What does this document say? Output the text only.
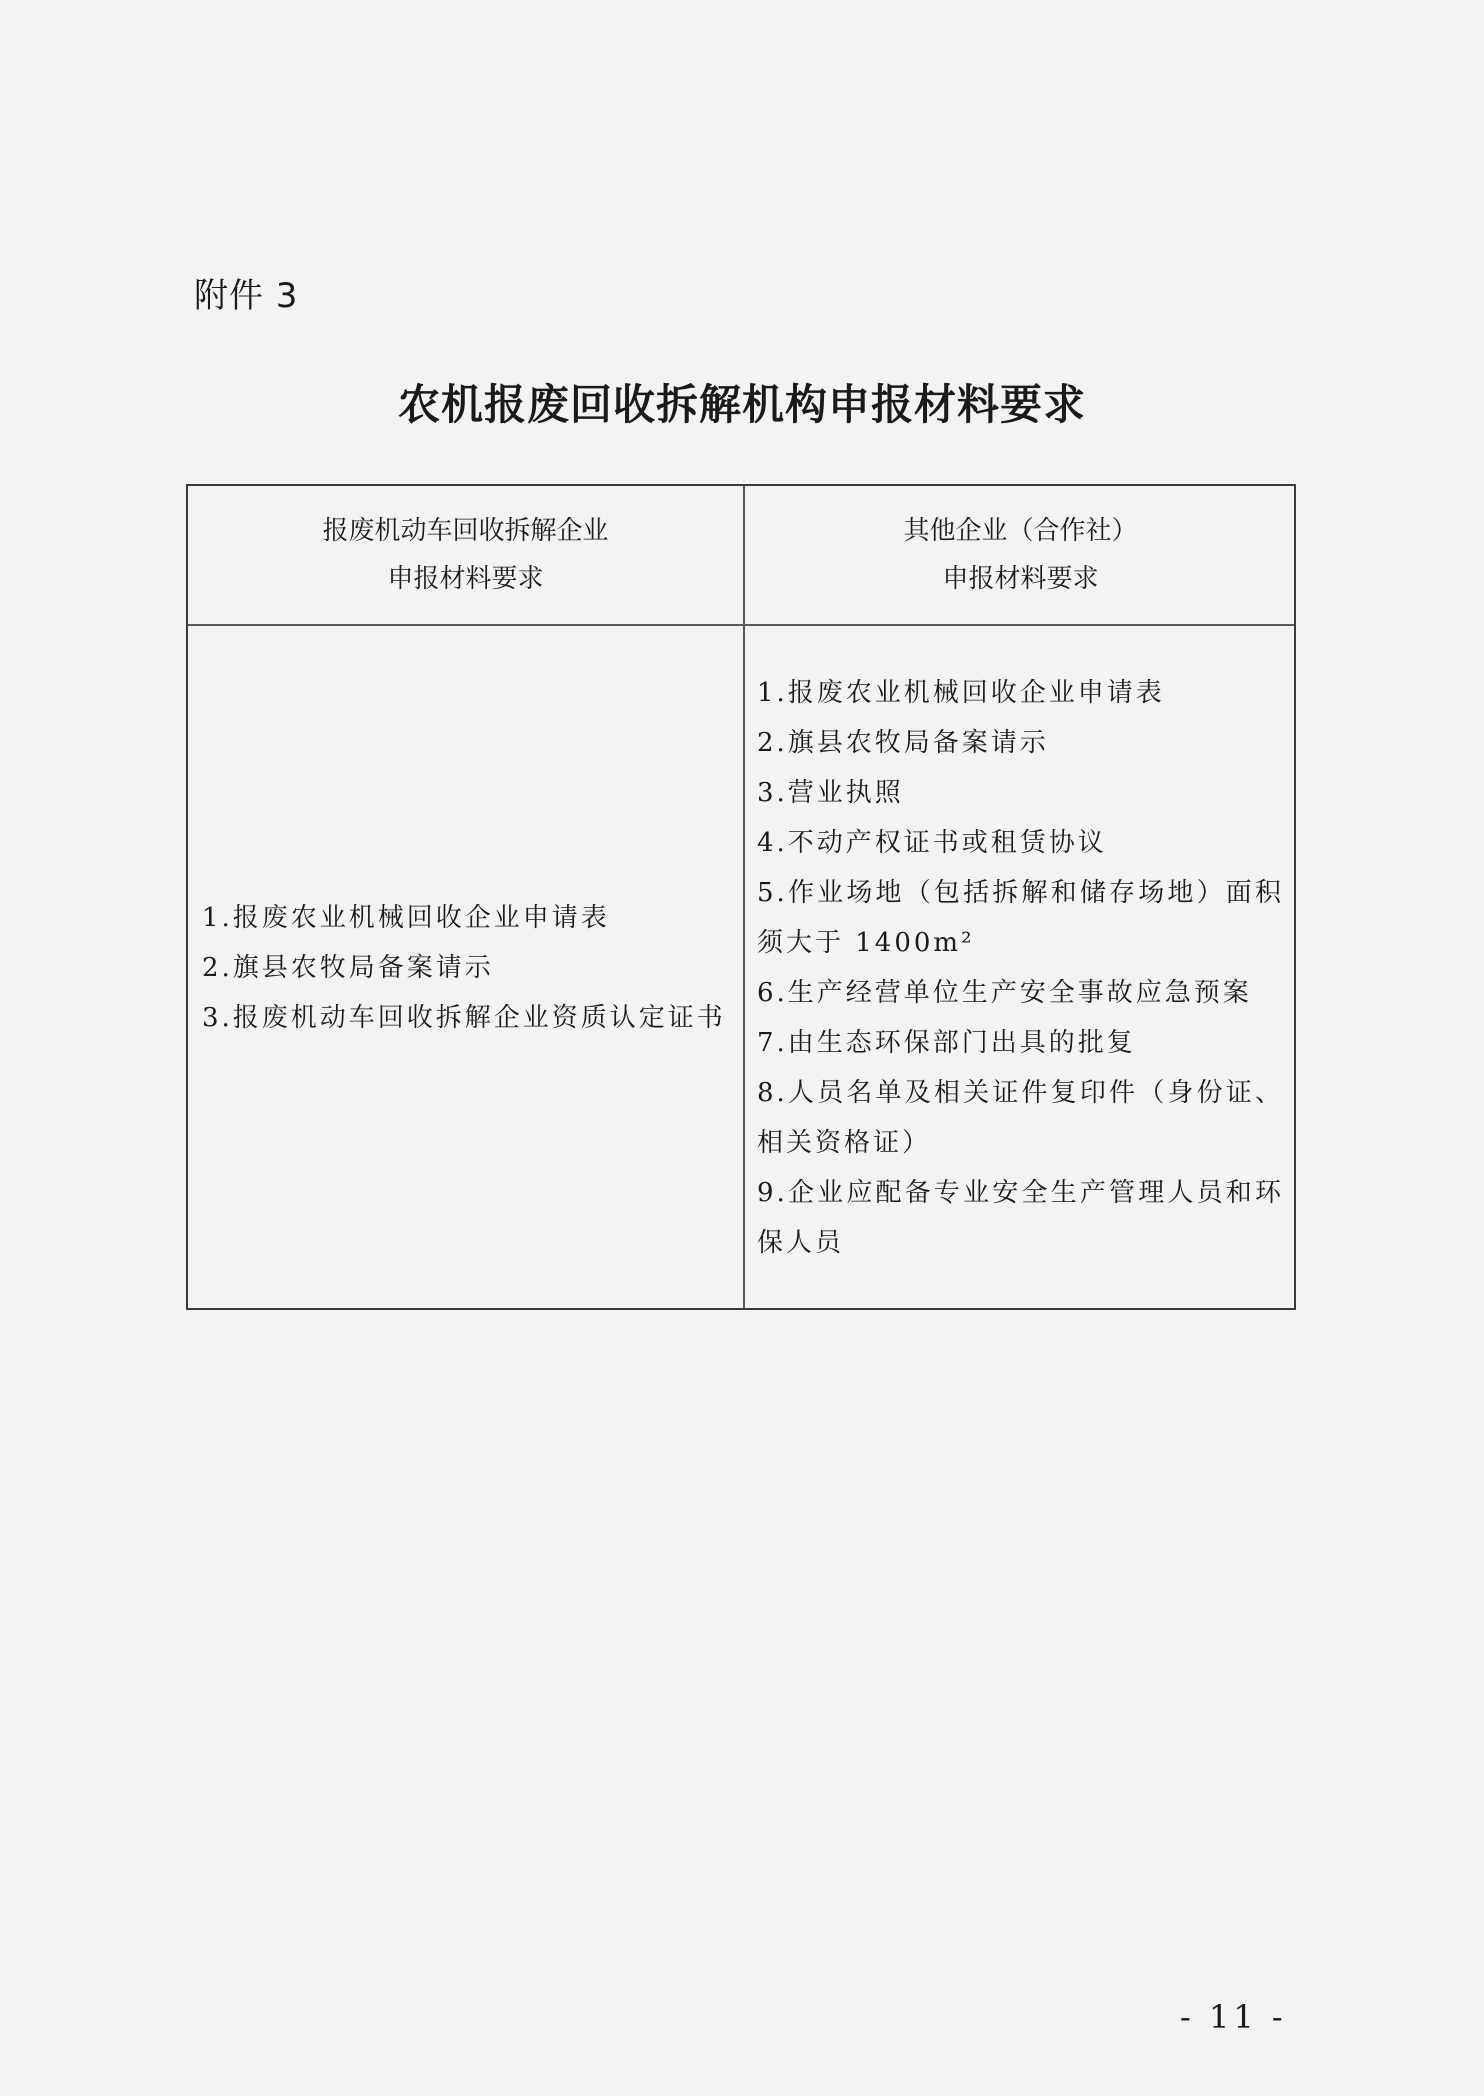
附件 3
农机报废回收拆解机构申报材料要求
报废机动车回收拆解企业
申报材料要求
其他企业（合作社）
申报材料要求
1.报废农业机械回收企业申请表
2.旗县农牧局备案请示
3.报废机动车回收拆解企业资质认定证书
1.报废农业机械回收企业申请表
2.旗县农牧局备案请示
3.营业执照
4.不动产权证书或租赁协议
5.作业场地（包括拆解和储存场地）面积须大于 1400m²
6.生产经营单位生产安全事故应急预案
7.由生态环保部门出具的批复
8.人员名单及相关证件复印件（身份证、相关资格证）
9.企业应配备专业安全生产管理人员和环保人员
- 11 -
